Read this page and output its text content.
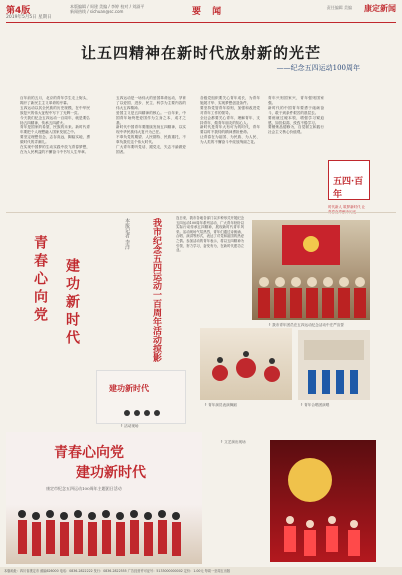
第4版
2019年5月5日 星期日
本版编辑 / 周建 美编 / 李婷 校对 / 刘淑平
新闻热线 / sichuan@sc.com	要 闻	责任编辑 美编 康定新闻
让五四精神在新时代放射新的光芒
——纪念五四运动100周年
百年前的五月，北京的青年学生走上街头，揭开了新民主主义革命的序幕。
五四运动以其全民族的历史规模，在中华民族复兴的伟大征程中写下了光辉一页。
今天我们纪念五四运动一百周年，就是要弘扬五四精神，传承五四薪火。
青年是国家的希望，民族的未来。新时代青年要把个人理想融入国家发展之中。
要坚定理想信念，志存高远，脚踏实地，勇做时代的弄潮儿。
在实现中国梦的生动实践中放飞青春梦想，在为人民利益的不懈奋斗中书写人生华章。
五四运动是一场伟大的爱国革命运动，孕育了以爱国、进步、民主、科学为主要内容的伟大五四精神。
爱国主义是五四精神的核心。一百年来，中国青年始终把爱国作为立身之本、成才之基。
新时代中国青年要继续发扬五四精神，以实现中华民族伟大复兴为己任。
不辜负党的期望、人民期待、民族重托，不辜负我们这个伟大时代。
广大青年要听党话、跟党走，矢志不渝做爱国者。
各级党组织要关心青年成长，为青年施展才华、实现梦想创造条件。
要坚持党管青年原则，加强和改进党对青年工作的领导。
全社会都要关心青年、理解青年、支持青年，做青年朋友的知心人。
新时代是青年大有可为的时代，青年要以时不我待的精神勇担使命。
让青春在为祖国、为民族、为人民、为人类的不懈奋斗中绽放绚丽之花。
青年兴则国家兴，青年强则国家强。
新时代的中国青年要勇于砥砺奋斗，敢于到条件艰苦的基层去。
要练就过硬本领，增强学习紧迫感，如饥似渴、孜孜不倦学习。
要锤炼品德修为，自觉树立和践行社会主义核心价值观。
五四·百年
时代新人 筑梦新时代 让
青春心向党 建功新时代	我市纪念五四运动一百周年活动掠影
本报记者 李洋	连日来，我市各地各部门以多种形式开展纪念五四运动100周年系列活动，广大青年纷纷以实际行动传承五四精神，展现新时代青年风采。活动现场气氛热烈，青年们通过诗朗诵、合唱、演讲等形式，表达了对党和祖国的热爱之情。参加活动的青年表示，将以五四精神为引领，努力学习，奋发有为，在新时代建功立业。
↑ 我市青年团员在五四运动纪念活动中庄严宣誓
建功新时代
↑ 活动现场
↑ 青年合唱团演唱
↑ 青年演员表演舞蹈
青春心向党
建功新时代
康定市纪念五四运动100周年主题团日活动
↑ 文艺演出现场
本版地址：四川省康定市 邮编626000 电话：0836-2822222 发行：0836-2822555 广告经营许可证号：5133000000002 定价：1.00元 每周一至周五出版
